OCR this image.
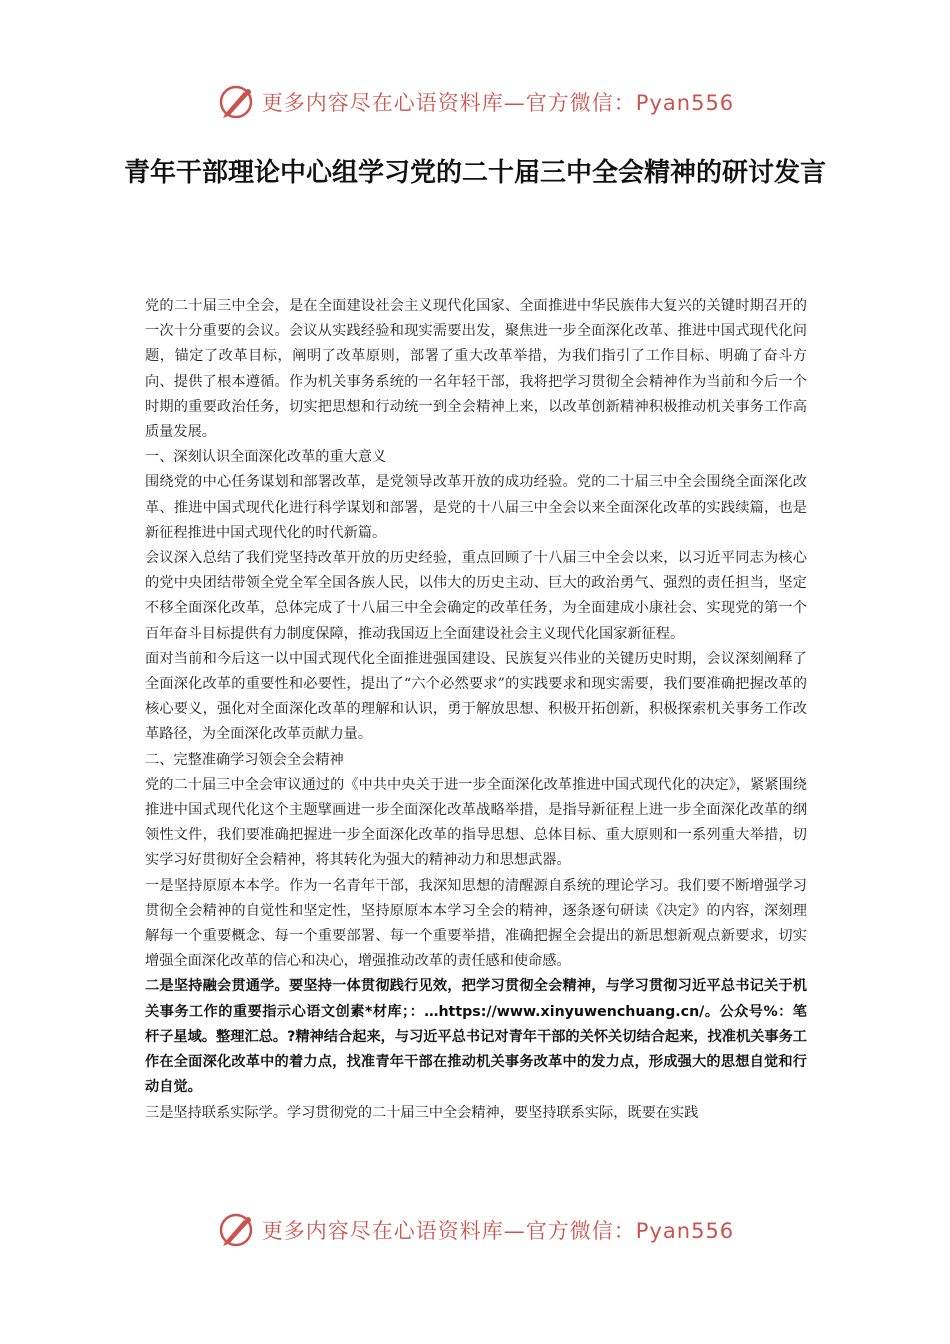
更多内容尽在心语资料库—官方微信：Pyan556
青年干部理论中心组学习党的二十届三中全会精神的研讨发言

党的二十届三中全会，是在全面建设社会主义现代化国家、全面推进中华民族伟大复兴的关键时期召开的一次十分重要的会议。会议从实践经验和现实需要出发，聚焦进一步全面深化改革、推进中国式现代化问题，锚定了改革目标，阐明了改革原则，部署了重大改革举措，为我们指引了工作目标、明确了奋斗方向、提供了根本遵循。作为机关事务系统的一名年轻干部，我将把学习贯彻全会精神作为当前和今后一个时期的重要政治任务，切实把思想和行动统一到全会精神上来，以改革创新精神积极推动机关事务工作高质量发展。

一、深刻认识全面深化改革的重大意义

围绕党的中心任务谋划和部署改革，是党领导改革开放的成功经验。党的二十届三中全会围绕全面深化改革、推进中国式现代化进行科学谋划和部署，是党的十八届三中全会以来全面深化改革的实践续篇，也是新征程推进中国式现代化的时代新篇。

会议深入总结了我们党坚持改革开放的历史经验，重点回顾了十八届三中全会以来，以习近平同志为核心的党中央团结带领全党全军全国各族人民，以伟大的历史主动、巨大的政治勇气、强烈的责任担当，坚定不移全面深化改革，总体完成了十八届三中全会确定的改革任务，为全面建成小康社会、实现党的第一个百年奋斗目标提供有力制度保障，推动我国迈上全面建设社会主义现代化国家新征程。

面对当前和今后这一以中国式现代化全面推进强国建设、民族复兴伟业的关键历史时期，会议深刻阐释了全面深化改革的重要性和必要性，提出了“六个必然要求”的实践要求和现实需要，我们要准确把握改革的核心要义，强化对全面深化改革的理解和认识，勇于解放思想、积极开拓创新，积极探索机关事务工作改革路径，为全面深化改革贡献力量。

二、完整准确学习领会全会精神

党的二十届三中全会审议通过的《中共中央关于进一步全面深化改革推进中国式现代化的决定》，紧紧围绕推进中国式现代化这个主题擘画进一步全面深化改革战略举措，是指导新征程上进一步全面深化改革的纲领性文件，我们要准确把握进一步全面深化改革的指导思想、总体目标、重大原则和一系列重大举措，切实学习好贯彻好全会精神，将其转化为强大的精神动力和思想武器。

一是坚持原原本本学。作为一名青年干部，我深知思想的清醒源自系统的理论学习。我们要不断增强学习贯彻全会精神的自觉性和坚定性，坚持原原本本学习全会的精神，逐条逐句研读《决定》的内容，深刻理解每一个重要概念、每一个重要部署、每一个重要举措，准确把握全会提出的新思想新观点新要求，切实增强全面深化改革的信心和决心，增强推动改革的责任感和使命感。

二是坚持融会贯通学。要坚持一体贯彻践行见效，把学习贯彻全会精神，与学习贯彻习近平总书记关于机关事务工作的重要指示心语文创素*材库；：…https://www.xinyuwenchuang.cn/。公众号%：笔杆子星域。整理汇总。?精神结合起来，与习近平总书记对青年干部的关怀关切结合起来，找准机关事务工作在全面深化改革中的着力点，找准青年干部在推动机关事务改革中的发力点，形成强大的思想自觉和行动自觉。

三是坚持联系实际学。学习贯彻党的二十届三中全会精神，要坚持联系实际，既要在实践

更多内容尽在心语资料库—官方微信：Pyan556
